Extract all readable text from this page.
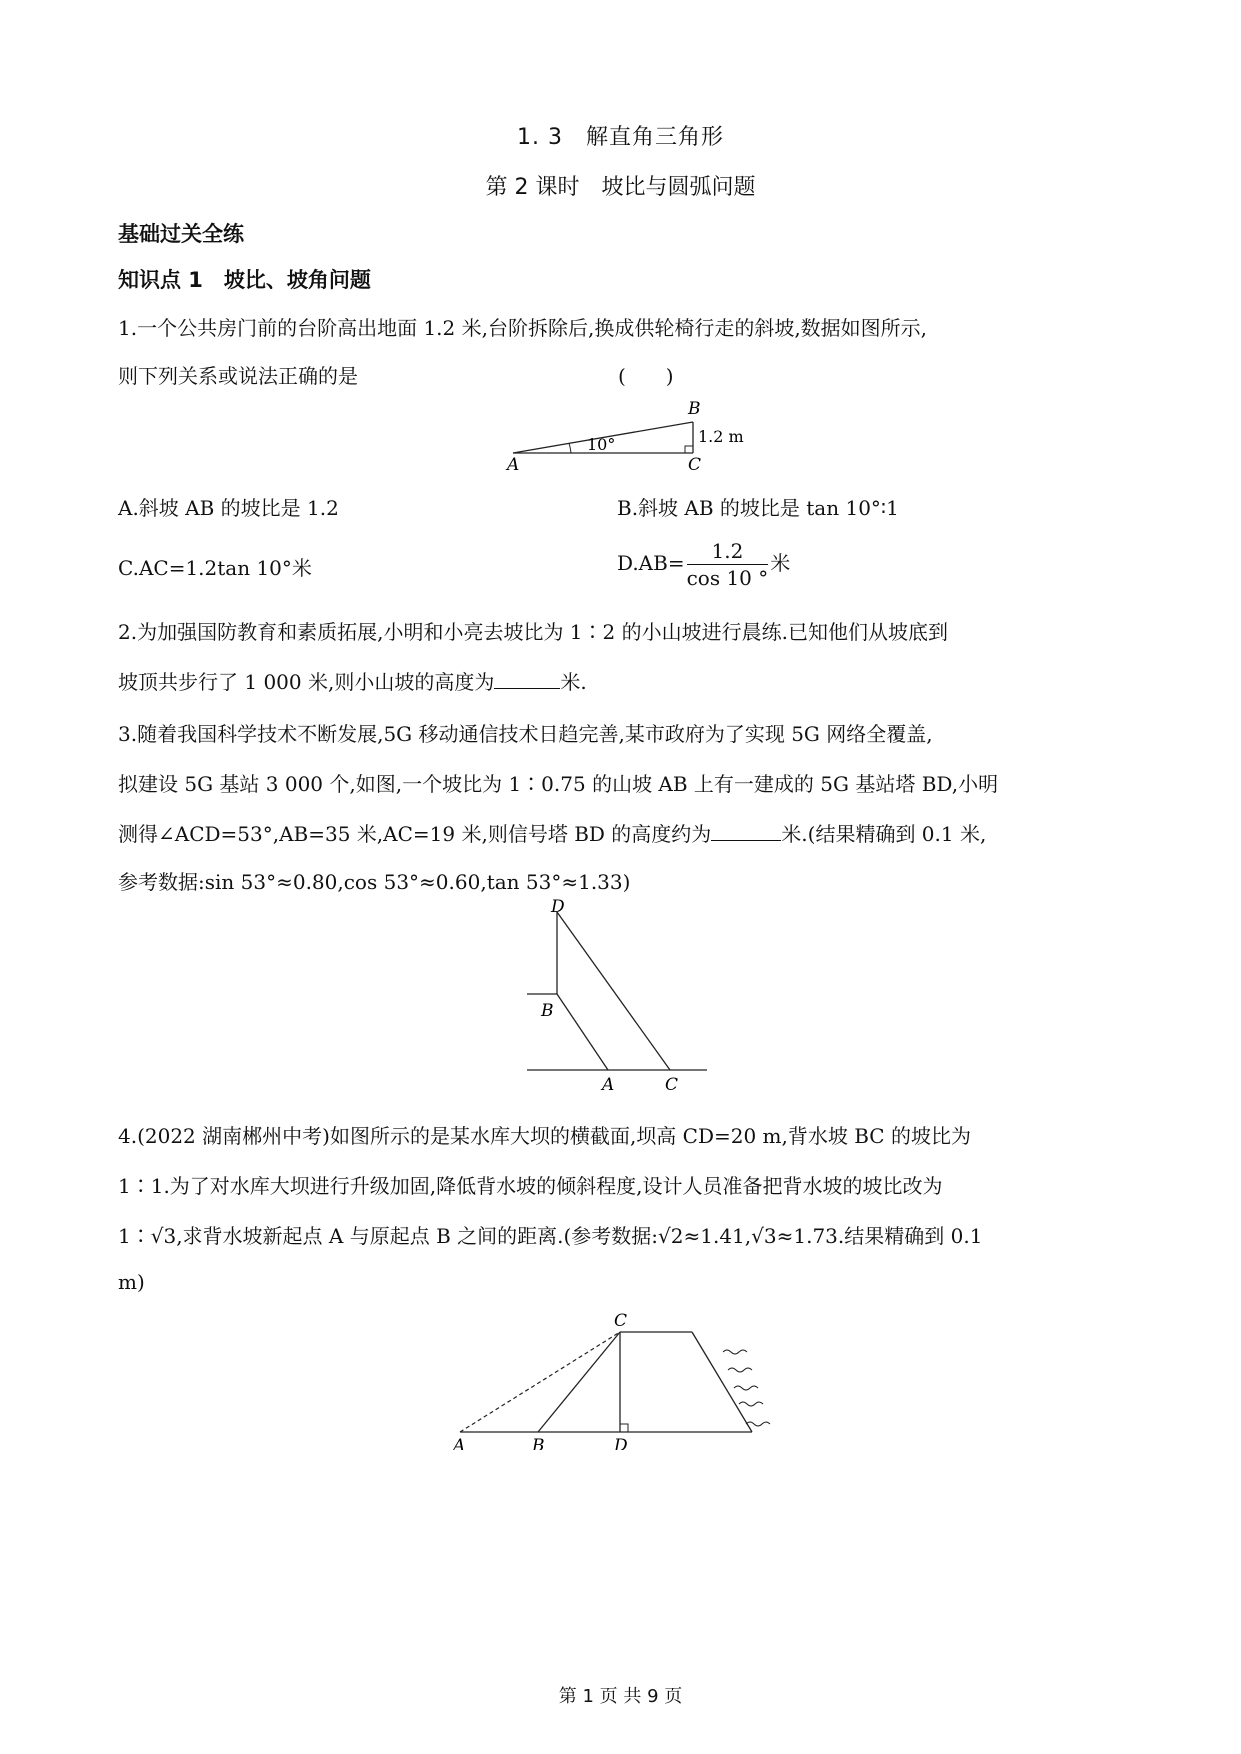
1. 3　解直角三角形
第 2 课时　坡比与圆弧问题
基础过关全练
知识点 1　坡比、坡角问题
1.一个公共房门前的台阶高出地面 1.2 米,台阶拆除后,换成供轮椅行走的斜坡,数据如图所示,
则下列关系或说法正确的是	(　　)
A
B
C
10°	1.2 m
A.斜坡 AB 的坡比是 1.2	B.斜坡 AB 的坡比是 tan 10°∶1
C.AC=1.2tan 10°米	$D.AB= \frac{1.2}{\cos 10 ^\circ}$ 米
2.为加强国防教育和素质拓展,小明和小亮去坡比为 1∶2 的小山坡进行晨练.已知他们从坡底到
坡顶共步行了 1 000 米,则小山坡的高度为	米.
3.随着我国科学技术不断发展,5G 移动通信技术日趋完善,某市政府为了实现 5G 网络全覆盖,
拟建设 5G 基站 3 000 个,如图,一个坡比为 1∶0.75 的山坡 AB 上有一建成的 5G 基站塔 BD,小明
测得∠ACD=53°,AB=35 米,AC=19 米,则信号塔 BD 的高度约为	米.(结果精确到 0.1 米,
参考数据:sin 53°≈0.80,cos 53°≈0.60,tan 53°≈1.33)
D
B
A	C
4.(2022 湖南郴州中考)如图所示的是某水库大坝的横截面,坝高 CD=20 m,背水坡 BC 的坡比为
1∶1.为了对水库大坝进行升级加固,降低背水坡的倾斜程度,设计人员准备把背水坡的坡比改为
1∶√3,求背水坡新起点 A 与原起点 B 之间的距离.(参考数据:√2≈1.41,√3≈1.73.结果精确到 0.1
m)
C
A	B	D
第 1 页 共 9 页
